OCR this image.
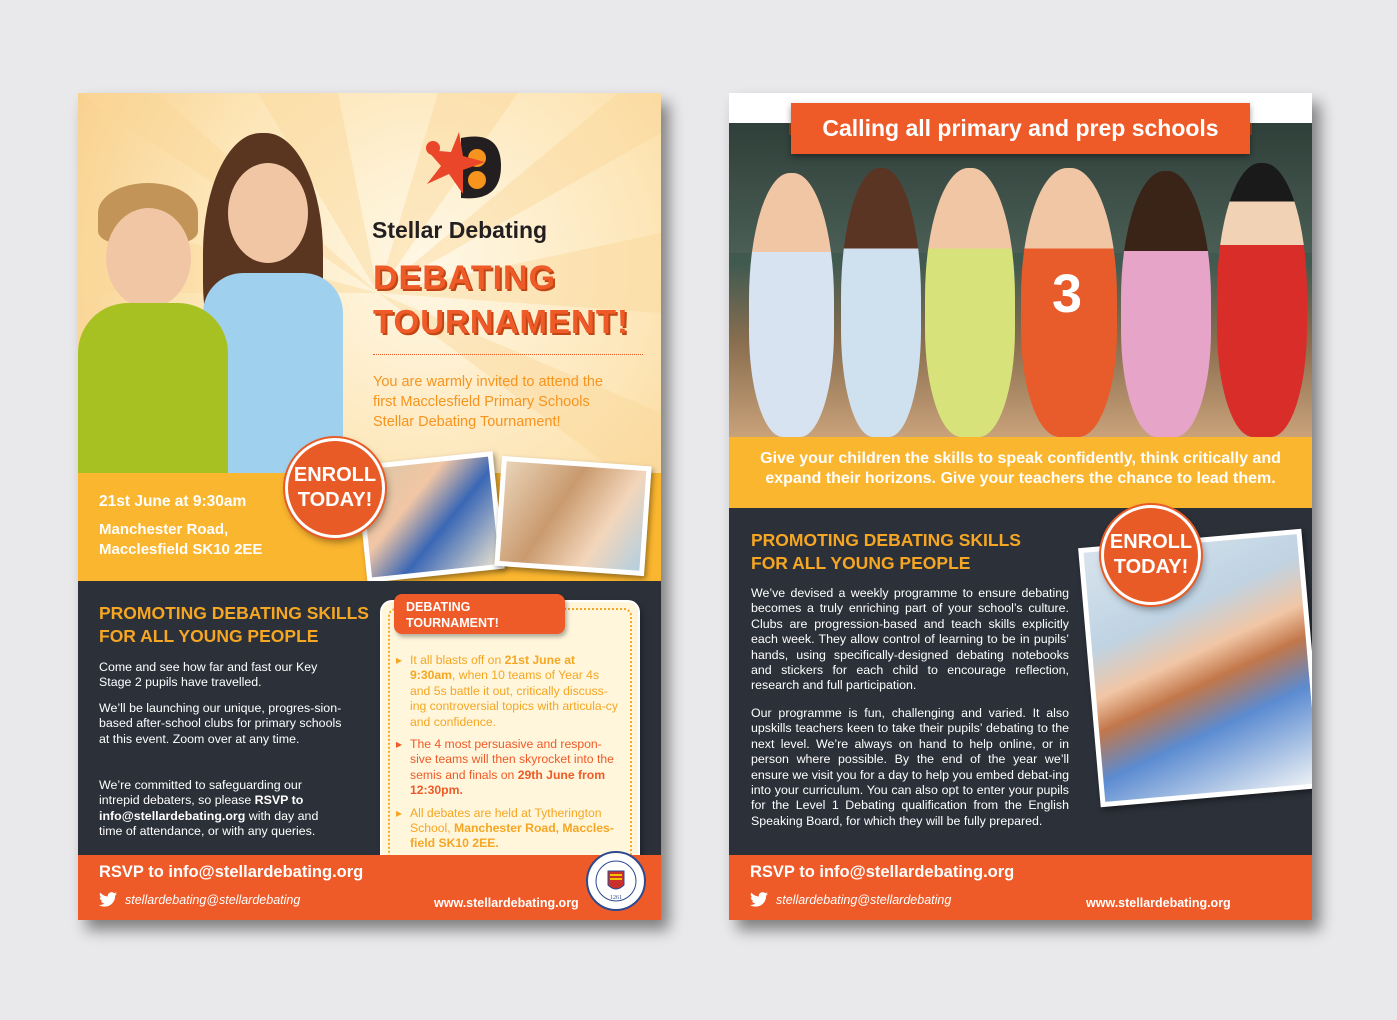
Stellar Debating
DEBATING
TOURNAMENT!
You are warmly invited to attend the
first Macclesfield Primary Schools
Stellar Debating Tournament!
21st June at 9:30am
Manchester Road,
Macclesfield SK10 2EE
ENROLL
TODAY!
PROMOTING DEBATING SKILLS
FOR ALL YOUNG PEOPLE
Come and see how far and fast our Key Stage 2 pupils have travelled.
We’ll be launching our unique, progres-sion-based after-school clubs for primary schools at this event. Zoom over at any time.
We’re committed to safeguarding our intrepid debaters, so please RSVP to info@stellardebating.org with day and time of attendance, or with any queries.
DEBATING
TOURNAMENT!
▸ It all blasts off on 21st June at 9:30am, when 10 teams of Year 4s and 5s battle it out, critically discuss-ing controversial topics with articula-cy and confidence.
▸ The 4 most persuasive and respon-sive teams will then skyrocket into the semis and finals on 29th June from 12:30pm.
▸ All debates are held at Tytherington School, Manchester Road, Maccles-field SK10 2EE.
RSVP to info@stellardebating.org
stellardebating@stellardebating	www.stellardebating.org	1261
3
Calling all primary and prep schools
Give your children the skills to speak confidently, think critically and
expand their horizons. Give your teachers the chance to lead them.
PROMOTING DEBATING SKILLS
FOR ALL YOUNG PEOPLE
We’ve devised a weekly programme to ensure debating becomes a truly enriching part of your school’s culture. Clubs are progression-based and teach skills explicitly each week. They allow control of learning to be in pupils’ hands, using specifically-designed debating notebooks and stickers for each child to encourage reflection, research and full participation.
Our programme is fun, challenging and varied. It also upskills teachers keen to take their pupils’ debating to the next level. We’re always on hand to help online, or in person where possible. By the end of the year we’ll ensure we visit you for a day to help you embed debat-ing into your curriculum. You can also opt to enter your pupils for the Level 1 Debating qualification from the English Speaking Board, for which they will be fully prepared.
ENROLL
TODAY!
RSVP to info@stellardebating.org
stellardebating@stellardebating	www.stellardebating.org
